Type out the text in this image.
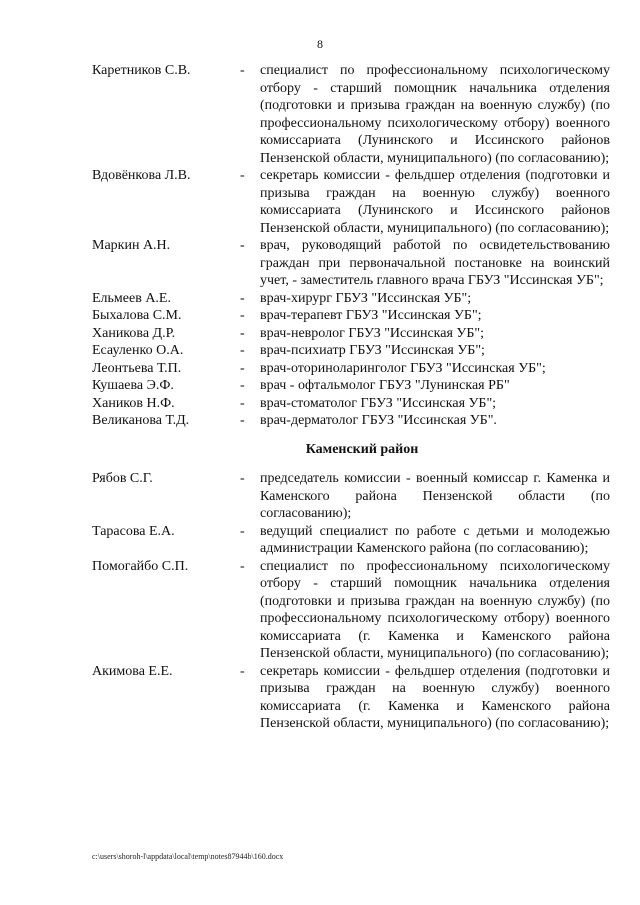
8
Каретников С.В.	-	специалист по профессиональному психологическому отбору - старший помощник начальника отделения (подготовки и призыва граждан на военную службу) (по профессиональному психологическому отбору) военного комиссариата (Лунинского и Иссинского районов Пензенской области, муниципального) (по согласованию);
Вдовёнкова Л.В.	-	секретарь комиссии - фельдшер отделения (подготовки и призыва граждан на военную службу) военного комиссариата (Лунинского и Иссинского районов Пензенской области, муниципального) (по согласованию);
Маркин А.Н.	-	врач, руководящий работой по освидетельствованию граждан при первоначальной постановке на воинский учет, - заместитель главного врача ГБУЗ "Иссинская УБ";
Ельмеев А.Е.	-	врач-хирург ГБУЗ "Иссинская УБ";
Быхалова С.М.	-	врач-терапевт ГБУЗ "Иссинская УБ";
Ханикова Д.Р.	-	врач-невролог ГБУЗ "Иссинская УБ";
Есауленко О.А.	-	врач-психиатр ГБУЗ "Иссинская УБ";
Леонтьева Т.П.	-	врач-оториноларинголог ГБУЗ "Иссинская УБ";
Кушаева Э.Ф.	-	врач - офтальмолог ГБУЗ "Лунинская РБ"
Хаников Н.Ф.	-	врач-стоматолог ГБУЗ "Иссинская УБ";
Великанова Т.Д.	-	врач-дерматолог ГБУЗ "Иссинская УБ".
Каменский район
Рябов С.Г.	-	председатель комиссии - военный комиссар г. Каменка и Каменского района Пензенской области (по согласованию);
Тарасова Е.А.	-	ведущий специалист по работе с детьми и молодежью администрации Каменского района (по согласованию);
Помогайбо С.П.	-	специалист по профессиональному психологическому отбору - старший помощник начальника отделения (подготовки и призыва граждан на военную службу) (по профессиональному психологическому отбору) военного комиссариата (г. Каменка и Каменского района Пензенской области, муниципального) (по согласованию);
Акимова Е.Е.	-	секретарь комиссии - фельдшер отделения (подготовки и призыва граждан на военную службу) военного комиссариата (г. Каменка и Каменского района Пензенской области, муниципального) (по согласованию);
c:\users\shoroh-l\appdata\local\temp\notes87944b\160.docx
